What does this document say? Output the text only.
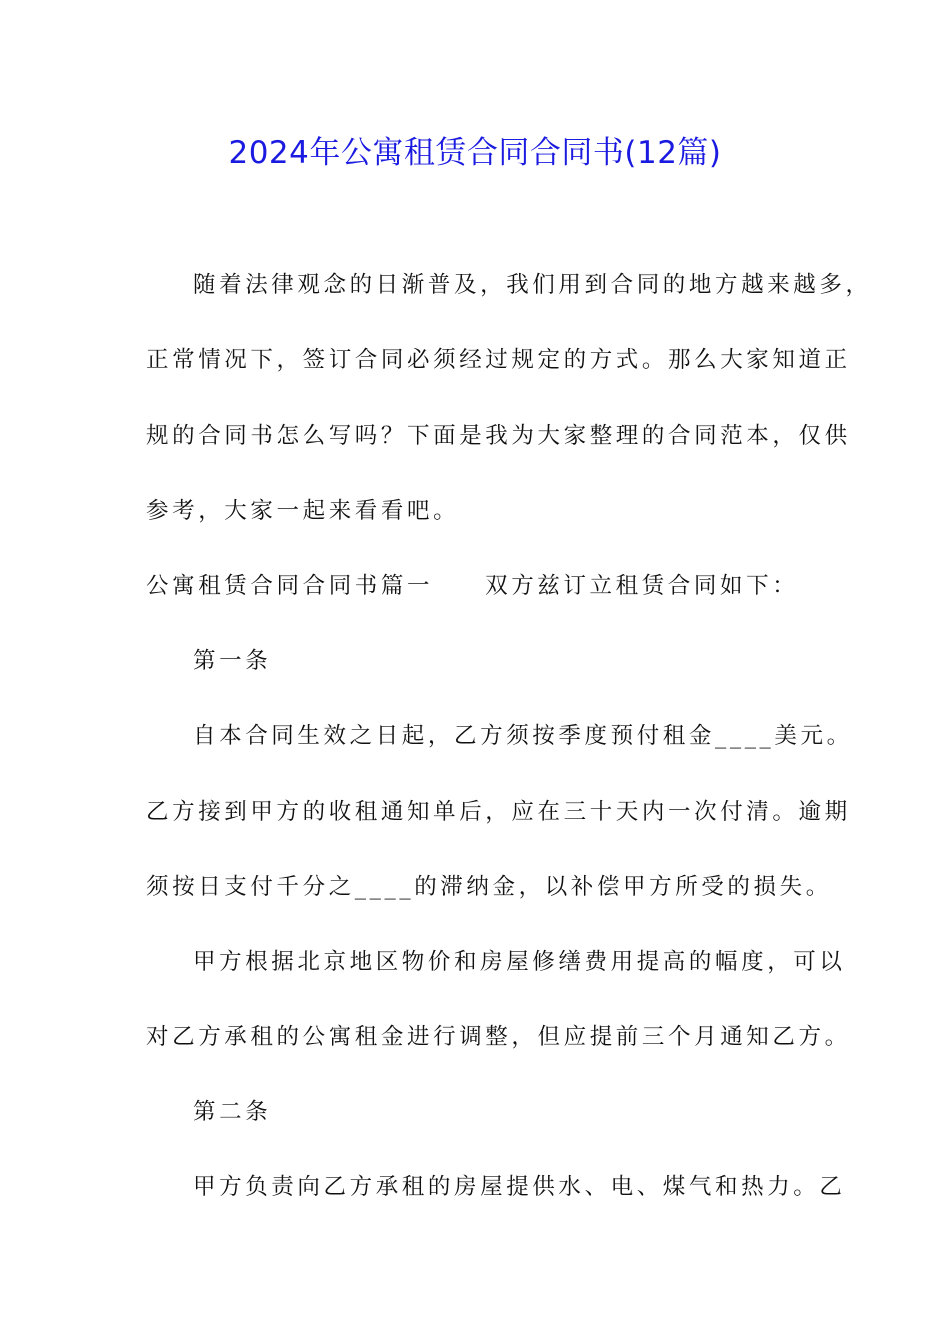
2024年公寓租赁合同合同书(12篇)
随着法律观念的日渐普及，我们用到合同的地方越来越多，
正常情况下，签订合同必须经过规定的方式。那么大家知道正
规的合同书怎么写吗？下面是我为大家整理的合同范本，仅供
参考，大家一起来看看吧。
公寓租赁合同合同书篇一 双方兹订立租赁合同如下：
第一条
自本合同生效之日起，乙方须按季度预付租金____美元。
乙方接到甲方的收租通知单后，应在三十天内一次付清。逾期
须按日支付千分之____的滞纳金，以补偿甲方所受的损失。
甲方根据北京地区物价和房屋修缮费用提高的幅度，可以
对乙方承租的公寓租金进行调整，但应提前三个月通知乙方。
第二条
甲方负责向乙方承租的房屋提供水、电、煤气和热力。乙
